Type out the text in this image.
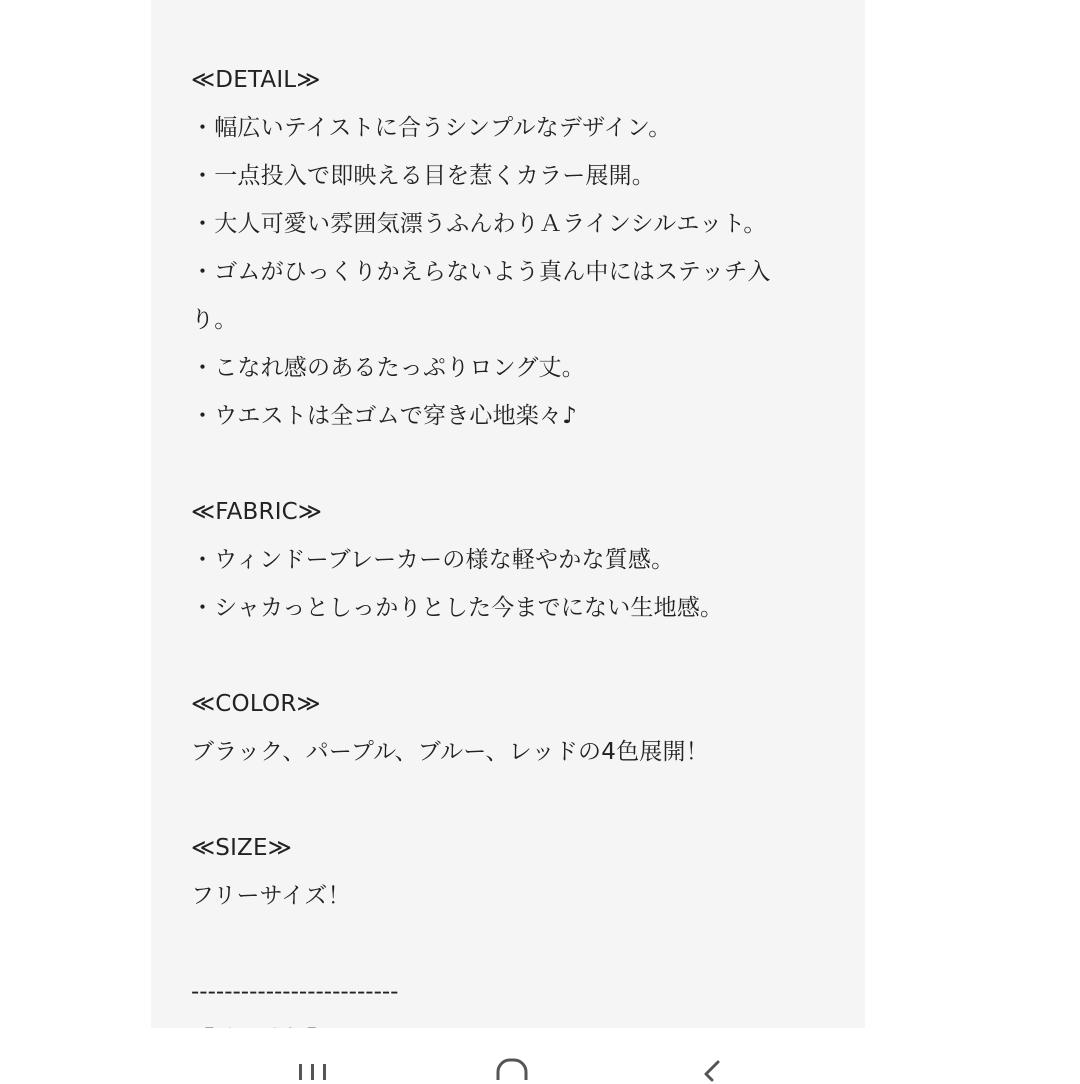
≪DETAIL≫
・幅広いテイストに合うシンプルなデザイン。
・一点投入で即映える目を惹くカラー展開。
・大人可愛い雰囲気漂うふんわりＡラインシルエット。
・ゴムがひっくりかえらないよう真ん中にはステッチ入
り。
・こなれ感のあるたっぷりロング丈。
・ウエストは全ゴムで穿き心地楽々♪
≪FABRIC≫
・ウィンドーブレーカーの様な軽やかな質感。
・シャカっとしっかりとした今までにない生地感。
≪COLOR≫
ブラック、パープル、ブルー、レッドの4色展開！
≪SIZE≫
フリーサイズ！
-------------------------
